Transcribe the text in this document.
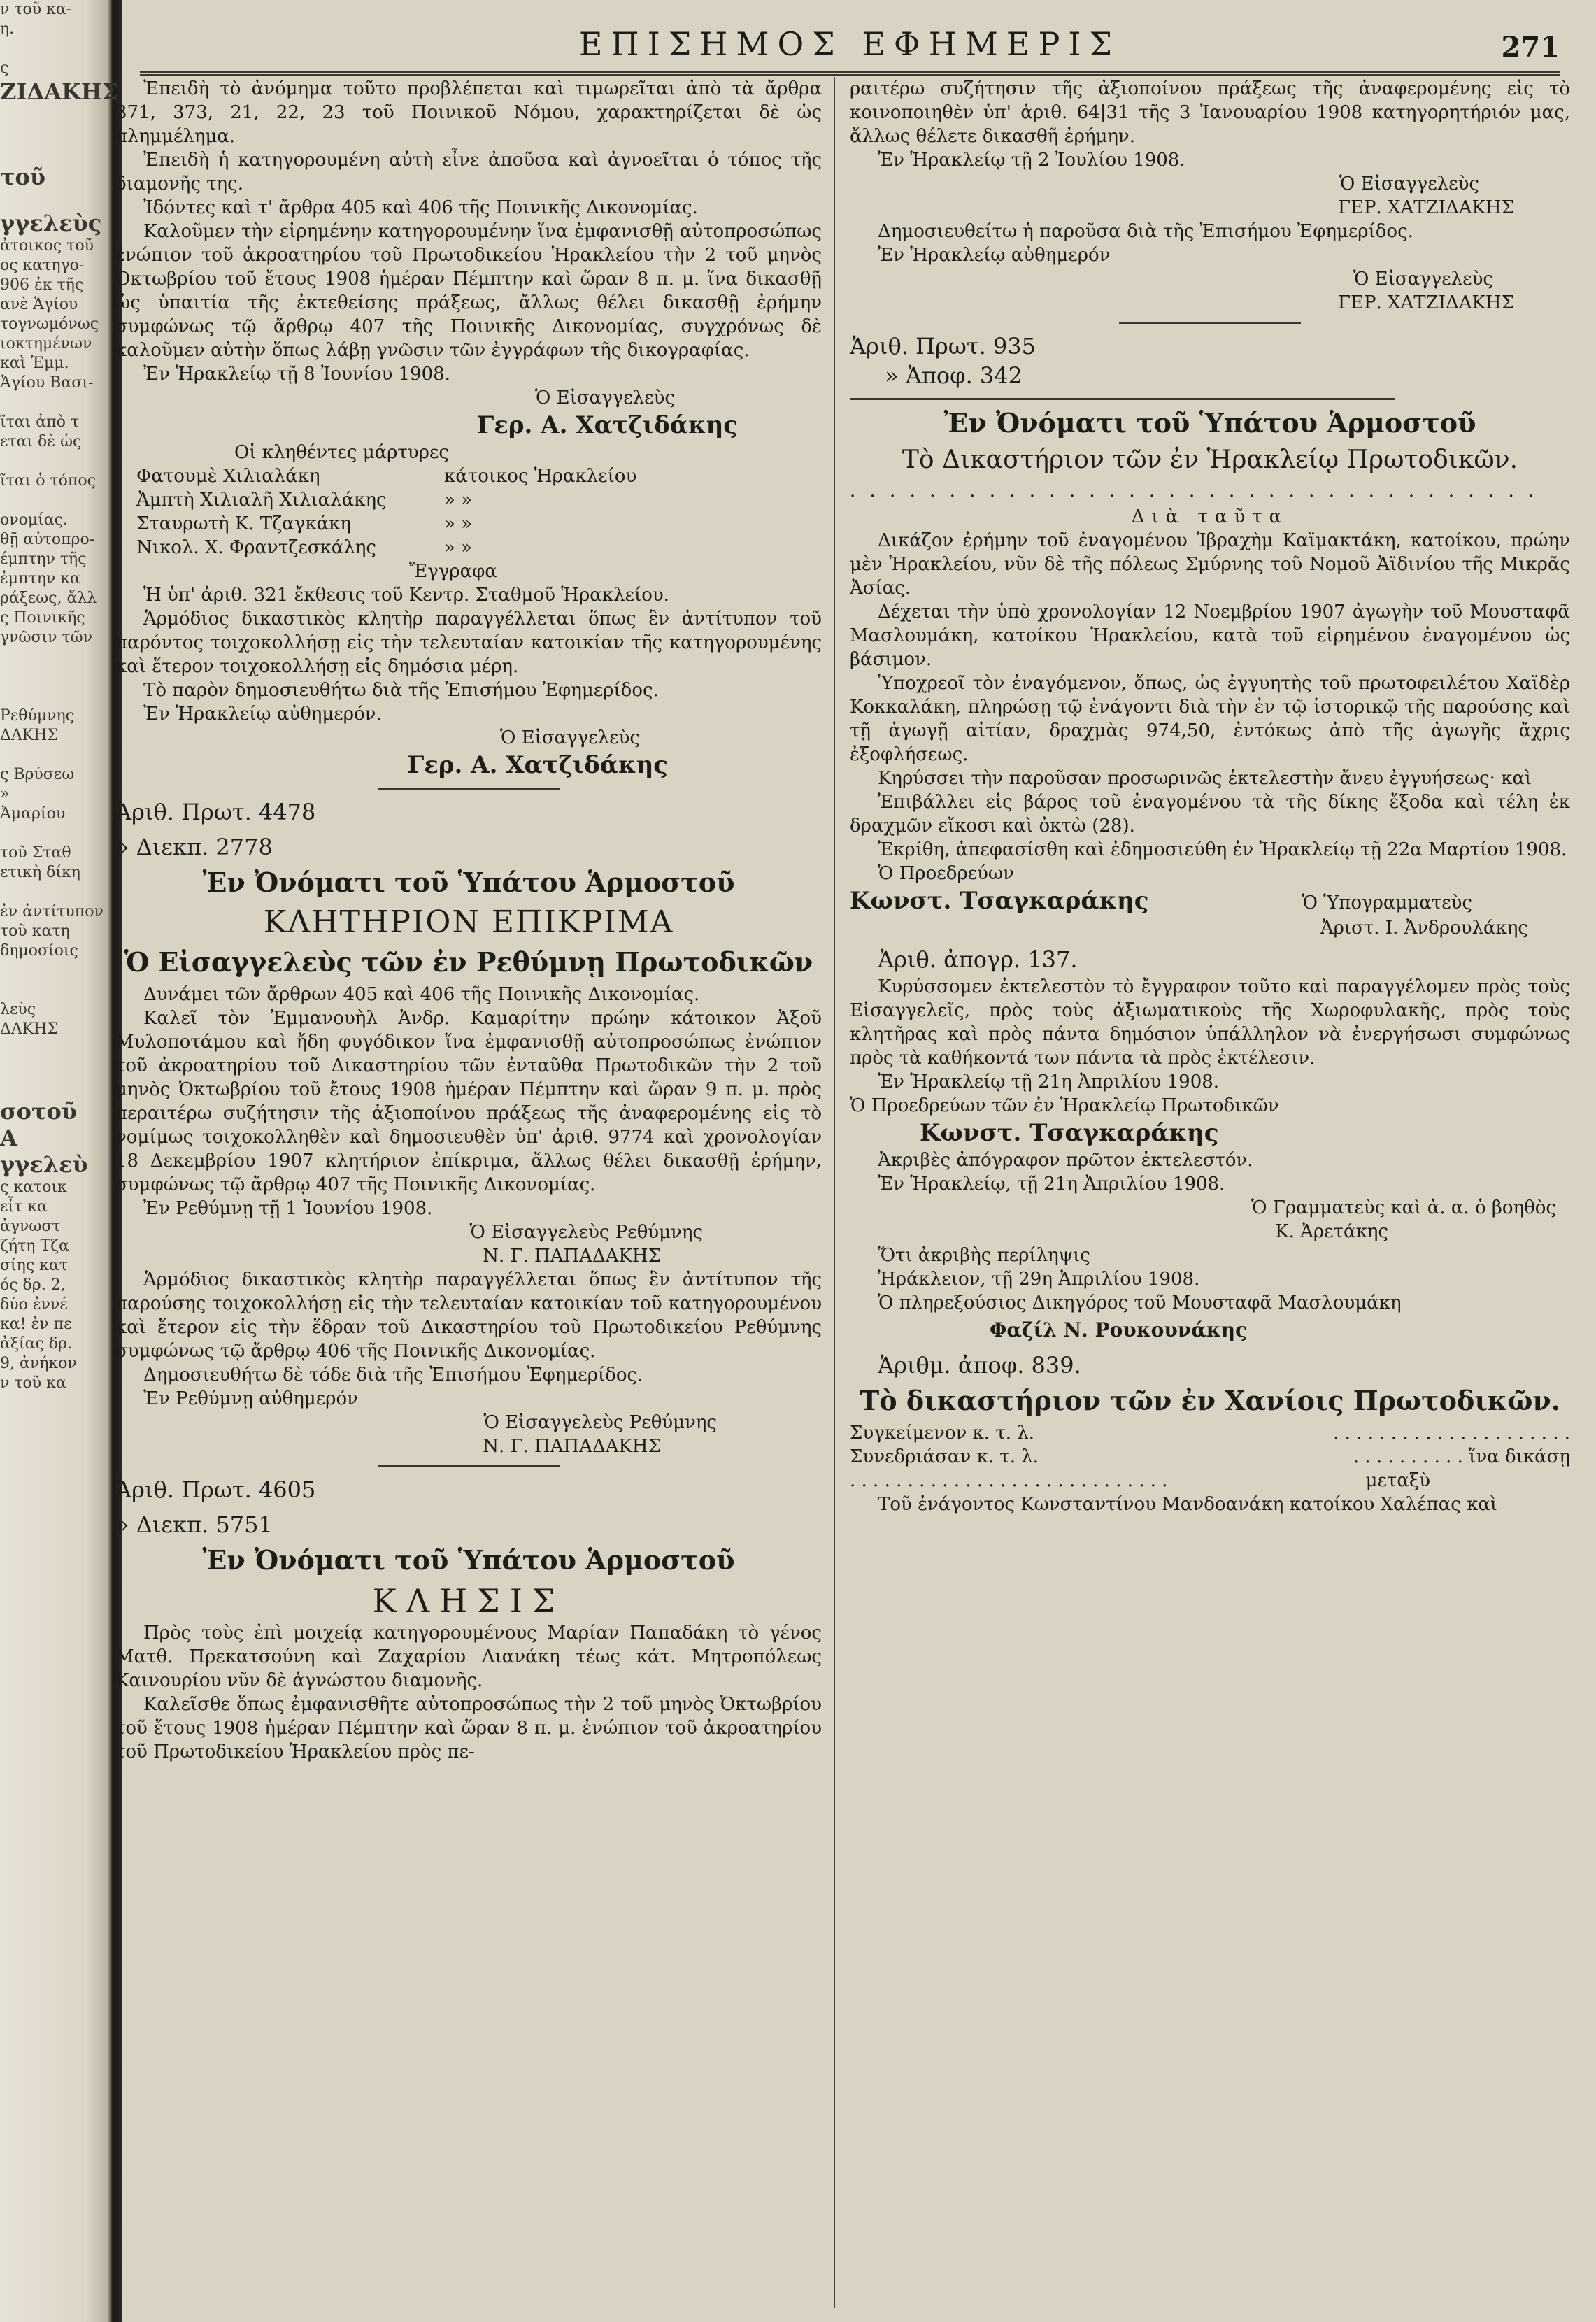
ν τοῦ κα-
η.

ς
ΖΙΔΑΚΗΣ

τοῦ

γγελεὺς
ἀτοικος τοῦ
ος κατηγο-
906 ἐκ τῆς
ανὲ Ἁγίου
τογνωμόνως
ιοκτημένων
καὶ Ἐμμ.
Ἁγίου Βασι-

ῖται ἀπὸ τ
εται δὲ ὡς

ῖται ὁ τόπος

ονομίας.
θῇ αὐτοπρο-
έμπτην τῆς
ἐμπτην κα
ράξεως, ἄλλ
ς Ποινικῆς
γνῶσιν τῶν

Ρεθύμνης
ΔΑΚΗΣ

ς Βρύσεω
»
Ἀμαρίου

τοῦ Σταθ
ετικὴ δίκη

ἐν ἀντίτυπον
τοῦ κατη
δημοσίοις

λεὺς
ΔΑΚΗΣ

σοτοῦ
Α
γγελεὺ
ς κατοικ
εἶτ κα
ἀγνωστ
ζήτη Τζα
σίης κατ
ός δρ. 2,
δύο ἐννέ
κα! ἐν πε
ἀξίας δρ.
9, ἀνήκον
ν τοῦ κα
ΕΠΙΣΗΜΟΣ ΕΦΗΜΕΡΙΣ	271

Ἐπειδὴ τὸ ἀνόμημα τοῦτο προβλέπεται καὶ τιμωρεῖται ἀπὸ τὰ ἄρθρα 371, 373, 21, 22, 23 τοῦ Ποινικοῦ Νόμου, χαρακτηρίζεται δὲ ὡς πλημμέλημα.

Ἐπειδὴ ἡ κατηγορουμένη αὐτὴ εἶνε ἀποῦσα καὶ ἀγνοεῖται ὁ τόπος τῆς διαμονῆς της.

Ἰδόντες καὶ τ' ἄρθρα 405 καὶ 406 τῆς Ποινικῆς Δικονομίας.

Καλοῦμεν τὴν εἰρημένην κατηγορουμένην ἵνα ἐμφανισθῇ αὐτοπροσώπως ἐνώπιον τοῦ ἀκροατηρίου τοῦ Πρωτοδικείου Ἡρακλείου τὴν 2 τοῦ μηνὸς Ὀκτωβρίου τοῦ ἔτους 1908 ἡμέραν Πέμπτην καὶ ὥραν 8 π. μ. ἵνα δικασθῇ ὡς ὑπαιτία τῆς ἐκτεθείσης πράξεως, ἄλλως θέλει δικασθῇ ἐρήμην συμφώνως τῷ ἄρθρῳ 407 τῆς Ποινικῆς Δικονομίας, συγχρόνως δὲ καλοῦμεν αὐτὴν ὅπως λάβῃ γνῶσιν τῶν ἐγγράφων τῆς δικογραφίας.

Ἐν Ἡρακλείῳ τῇ 8 Ἰουνίου 1908.

Ὁ Εἰσαγγελεὺς

Γερ. Α. Χατζιδάκης

Οἱ κληθέντες μάρτυρες

Φατουμὲ Χιλιαλάκη	κάτοικος Ἡρακλείου
Ἀμπτὴ Χιλιαλῆ Χιλιαλάκης	» »
Σταυρωτὴ Κ. Τζαγκάκη	» »
Νικολ. Χ. Φραντζεσκάλης	» »

Ἔγγραφα

Ἡ ὑπ' ἀριθ. 321 ἔκθεσις τοῦ Κεντρ. Σταθμοῦ Ἡρακλείου.

Ἁρμόδιος δικαστικὸς κλητὴρ παραγγέλλεται ὅπως ἓν ἀντίτυπον τοῦ παρόντος τοιχοκολλήσῃ εἰς τὴν τελευταίαν κατοικίαν τῆς κατηγορουμένης καὶ ἕτερον τοιχοκολλήσῃ εἰς δημόσια μέρη.

Τὸ παρὸν δημοσιευθήτω διὰ τῆς Ἐπισήμου Ἐφημερίδος.

Ἐν Ἡρακλείῳ αὐθημερόν.

Ὁ Εἰσαγγελεὺς

Γερ. Α. Χατζιδάκης

Ἀριθ. Πρωτ. 4478

» Διεκπ. 2778

Ἐν Ὀνόματι τοῦ Ὑπάτου Ἁρμοστοῦ

ΚΛΗΤΗΡΙΟΝ ΕΠΙΚΡΙΜΑ

Ὁ Εἰσαγγελεὺς τῶν ἐν Ρεθύμνῃ Πρωτοδικῶν

Δυνάμει τῶν ἄρθρων 405 καὶ 406 τῆς Ποινικῆς Δικονομίας.

Καλεῖ τὸν Ἐμμανουὴλ Ἀνδρ. Καμαρίτην πρώην κάτοικον Ἀξοῦ Μυλοποτάμου καὶ ἤδη φυγόδικον ἵνα ἐμφανισθῇ αὐτοπροσώπως ἐνώπιον τοῦ ἀκροατηρίου τοῦ Δικαστηρίου τῶν ἐνταῦθα Πρωτοδικῶν τὴν 2 τοῦ μηνὸς Ὀκτωβρίου τοῦ ἔτους 1908 ἡμέραν Πέμπτην καὶ ὥραν 9 π. μ. πρὸς περαιτέρω συζήτησιν τῆς ἀξιοποίνου πράξεως τῆς ἀναφερομένης εἰς τὸ νομίμως τοιχοκολληθὲν καὶ δημοσιευθὲν ὑπ' ἀριθ. 9774 καὶ χρονολογίαν 18 Δεκεμβρίου 1907 κλητήριον ἐπίκριμα, ἄλλως θέλει δικασθῇ ἐρήμην, συμφώνως τῷ ἄρθρῳ 407 τῆς Ποινικῆς Δικονομίας.

Ἐν Ρεθύμνῃ τῇ 1 Ἰουνίου 1908.

Ὁ Εἰσαγγελεὺς Ρεθύμνης

Ν. Γ. ΠΑΠΑΔΑΚΗΣ

Ἁρμόδιος δικαστικὸς κλητὴρ παραγγέλλεται ὅπως ἓν ἀντίτυπον τῆς παρούσης τοιχοκολλήσῃ εἰς τὴν τελευταίαν κατοικίαν τοῦ κατηγορουμένου καὶ ἕτερον εἰς τὴν ἕδραν τοῦ Δικαστηρίου τοῦ Πρωτοδικείου Ρεθύμνης συμφώνως τῷ ἄρθρῳ 406 τῆς Ποινικῆς Δικονομίας.

Δημοσιευθήτω δὲ τόδε διὰ τῆς Ἐπισήμου Ἐφημερίδος.

Ἐν Ρεθύμνῃ αὐθημερόν

Ὁ Εἰσαγγελεὺς Ρεθύμνης

Ν. Γ. ΠΑΠΑΔΑΚΗΣ

Ἀριθ. Πρωτ. 4605

» Διεκπ. 5751

Ἐν Ὀνόματι τοῦ Ὑπάτου Ἁρμοστοῦ

ΚΛΗΣΙΣ

Πρὸς τοὺς ἐπὶ μοιχείᾳ κατηγορουμένους Μαρίαν Παπαδάκη τὸ γένος Ματθ. Πρεκατσούνη καὶ Ζαχαρίου Λιανάκη τέως κάτ. Μητροπόλεως Καινουρίου νῦν δὲ ἀγνώστου διαμονῆς.

Καλεῖσθε ὅπως ἐμφανισθῆτε αὐτοπροσώπως τὴν 2 τοῦ μηνὸς Ὀκτωβρίου τοῦ ἔτους 1908 ἡμέραν Πέμπτην καὶ ὥραν 8 π. μ. ἐνώπιον τοῦ ἀκροατηρίου τοῦ Πρωτοδικείου Ἡρακλείου πρὸς πε-

ραιτέρω συζήτησιν τῆς ἀξιοποίνου πράξεως τῆς ἀναφερομένης εἰς τὸ κοινοποιηθὲν ὑπ' ἀριθ. 64|31 τῆς 3 Ἰανουαρίου 1908 κατηγορητήριόν μας, ἄλλως θέλετε δικασθῆ ἐρήμην.

Ἐν Ἡρακλείῳ τῇ 2 Ἰουλίου 1908.

Ὁ Εἰσαγγελεὺς

ΓΕΡ. ΧΑΤΖΙΔΑΚΗΣ

Δημοσιευθείτω ἡ παροῦσα διὰ τῆς Ἐπισήμου Ἐφημερίδος.

Ἐν Ἡρακλείῳ αὐθημερόν

Ὁ Εἰσαγγελεὺς

ΓΕΡ. ΧΑΤΖΙΔΑΚΗΣ

Ἀριθ. Πρωτ. 935

» Ἀποφ. 342

Ἐν Ὀνόματι τοῦ Ὑπάτου Ἁρμοστοῦ

Τὸ Δικαστήριον τῶν ἐν Ἡρακλείῳ Πρωτοδικῶν.

. . . . . . . . . . . . . . . . . . . . . . . . . . . . . . . . . . .

Διὰ ταῦτα

Δικάζον ἐρήμην τοῦ ἐναγομένου Ἰβραχὴμ Καϊμακτάκη, κατοίκου, πρώην μὲν Ἡρακλείου, νῦν δὲ τῆς πόλεως Σμύρνης τοῦ Νομοῦ Ἀϊδινίου τῆς Μικρᾶς Ἀσίας.

Δέχεται τὴν ὑπὸ χρονολογίαν 12 Νοεμβρίου 1907 ἀγωγὴν τοῦ Μουσταφᾶ Μασλουμάκη, κατοίκου Ἡρακλείου, κατὰ τοῦ εἰρημένου ἐναγομένου ὡς βάσιμον.

Ὑποχρεοῖ τὸν ἐναγόμενον, ὅπως, ὡς ἐγγυητὴς τοῦ πρωτοφειλέτου Χαϊδὲρ Κοκκαλάκη, πληρώσῃ τῷ ἐνάγοντι διὰ τὴν ἐν τῷ ἱστορικῷ τῆς παρούσης καὶ τῇ ἀγωγῇ αἰτίαν, δραχμὰς 974,50, ἐντόκως ἀπὸ τῆς ἀγωγῆς ἄχρις ἐξοφλήσεως.

Κηρύσσει τὴν παροῦσαν προσωρινῶς ἐκτελεστὴν ἄνευ ἐγγυήσεως· καὶ

Ἐπιβάλλει εἰς βάρος τοῦ ἐναγομένου τὰ τῆς δίκης ἔξοδα καὶ τέλη ἐκ δραχμῶν εἴκοσι καὶ ὀκτὼ (28).

Ἐκρίθη, ἀπεφασίσθη καὶ ἐδημοσιεύθη ἐν Ἡρακλείῳ τῇ 22α Μαρτίου 1908.

Ὁ Προεδρεύων

Κωνστ. Τσαγκαράκης	Ὁ Ὑπογραμματεὺς

Ἀριστ. Ι. Ἀνδρουλάκης

Ἀριθ. ἀπογρ. 137.

Κυρύσσομεν ἐκτελεστὸν τὸ ἔγγραφον τοῦτο καὶ παραγγέλομεν πρὸς τοὺς Εἰσαγγελεῖς, πρὸς τοὺς ἀξιωματικοὺς τῆς Χωροφυλακῆς, πρὸς τοὺς κλητῆρας καὶ πρὸς πάντα δημόσιον ὑπάλληλον νὰ ἐνεργήσωσι συμφώνως πρὸς τὰ καθήκοντά των πάντα τὰ πρὸς ἐκτέλεσιν.

Ἐν Ἡρακλείῳ τῇ 21η Ἀπριλίου 1908.

Ὁ Προεδρεύων τῶν ἐν Ἡρακλείῳ Πρωτοδικῶν

Κωνστ. Τσαγκαράκης

Ἀκριβὲς ἀπόγραφον πρῶτον ἐκτελεστόν.

Ἐν Ἡρακλείῳ, τῇ 21η Ἀπριλίου 1908.

Ὁ Γραμματεὺς καὶ ἀ. α. ὁ βοηθὸς

Κ. Ἀρετάκης

Ὅτι ἀκριβὴς περίληψις

Ἡράκλειον, τῇ 29η Ἀπριλίου 1908.

Ὁ πληρεξούσιος Δικηγόρος τοῦ Μουσταφᾶ Μασλουμάκη

Φαζίλ Ν. Ρουκουνάκης

Ἀριθμ. ἀποφ. 839.

Τὸ δικαστήριον τῶν ἐν Χανίοις Πρωτοδικῶν.

Συγκείμενον κ. τ. λ.	. . . . . . . . . . . . . . . . . . . . .
Συνεδριάσαν κ. τ. λ.	. . . . . . . . . . ἵνα δικάσῃ
. . . . . . . . . . . . . . . . . . . . . . . . . . . .	μεταξὺ

Τοῦ ἐνάγοντος Κωνσταντίνου Μανδοανάκη κατοίκου Χαλέπας καὶ
